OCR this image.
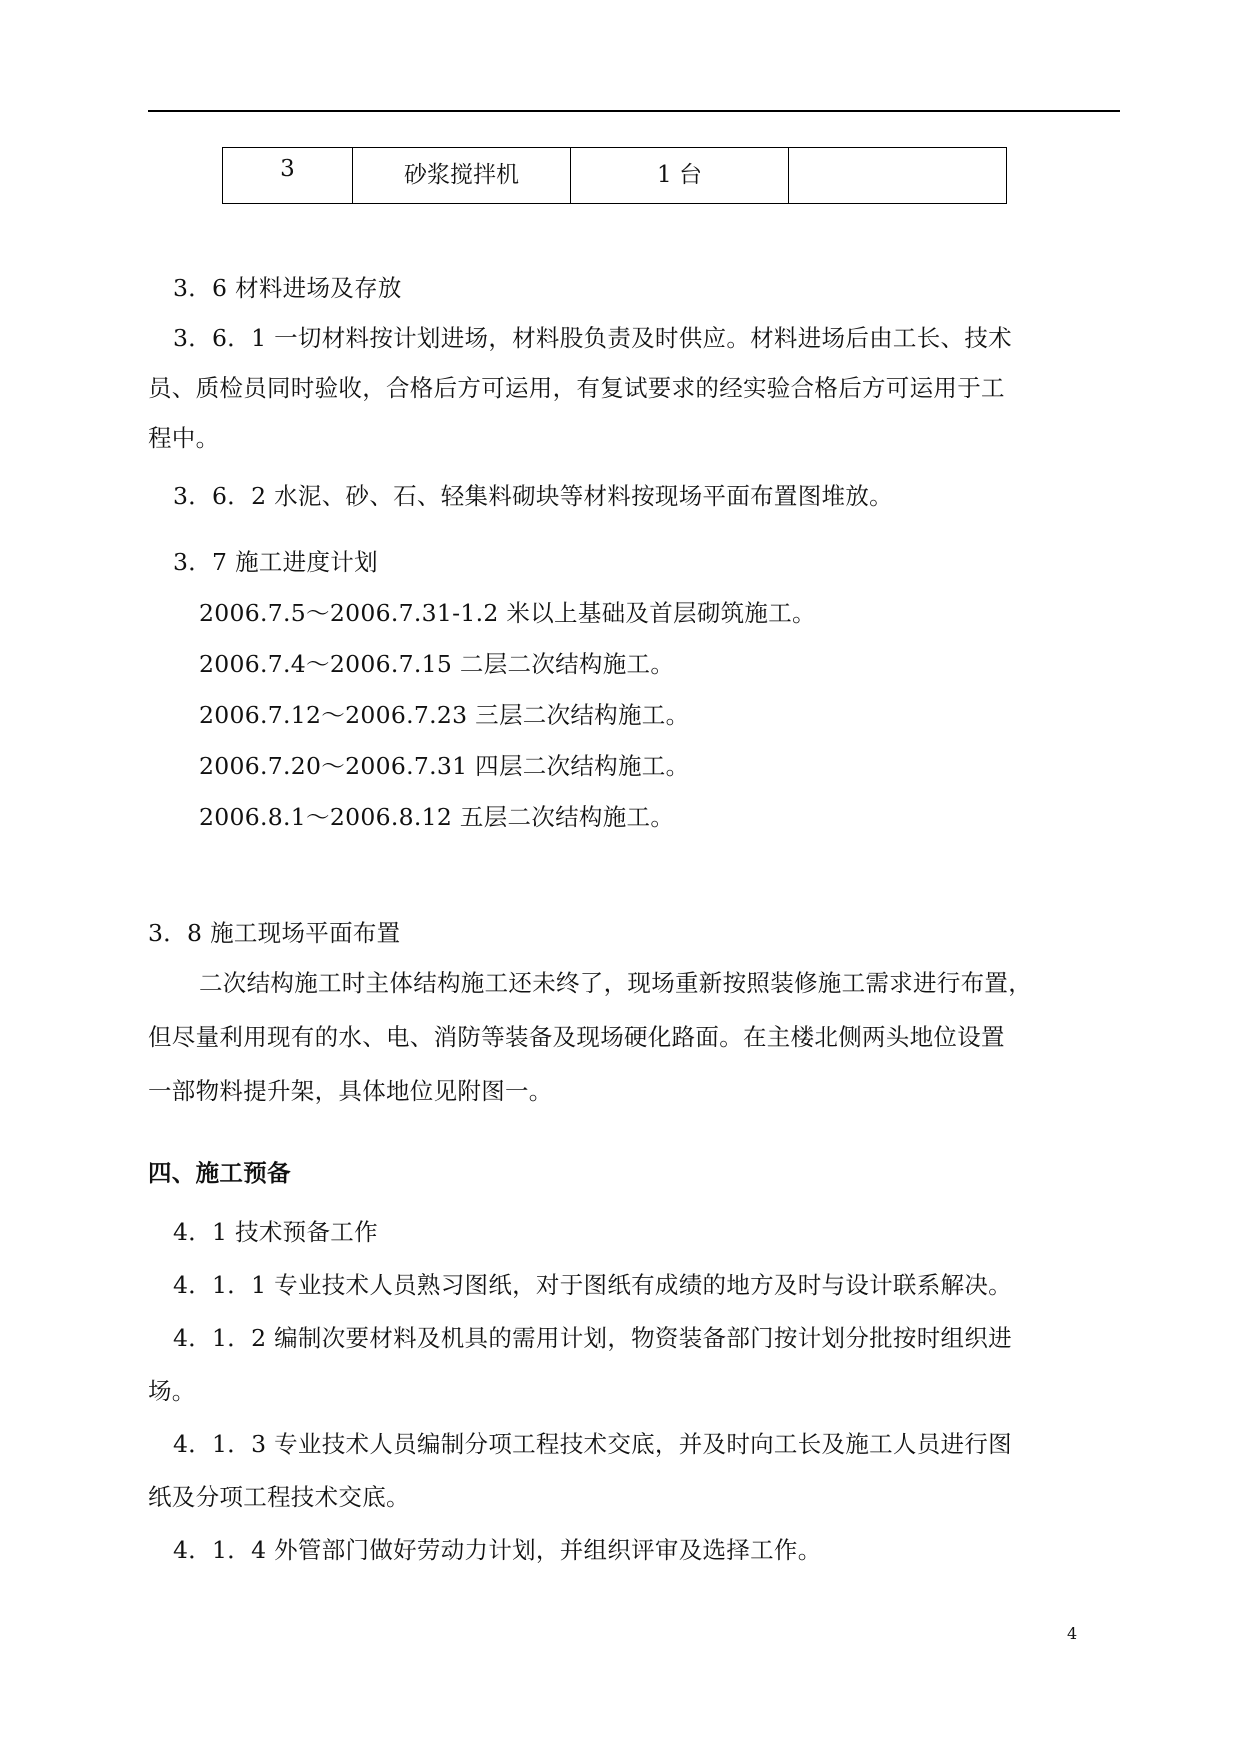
3	砂浆搅拌机	1 台	
3．6 材料进场及存放
3．6．1 一切材料按计划进场，材料股负责及时供应。材料进场后由工长、技术
员、质检员同时验收，合格后方可运用，有复试要求的经实验合格后方可运用于工
程中。
3．6．2 水泥、砂、石、轻集料砌块等材料按现场平面布置图堆放。
3．7 施工进度计划
2006.7.5～2006.7.31-1.2 米以上基础及首层砌筑施工。
2006.7.4～2006.7.15 二层二次结构施工。
2006.7.12～2006.7.23 三层二次结构施工。
2006.7.20～2006.7.31 四层二次结构施工。
2006.8.1～2006.8.12 五层二次结构施工。
3．8 施工现场平面布置
二次结构施工时主体结构施工还未终了，现场重新按照装修施工需求进行布置，
但尽量利用现有的水、电、消防等装备及现场硬化路面。在主楼北侧两头地位设置
一部物料提升架，具体地位见附图一。
四、施工预备
4．1 技术预备工作
4．1．1 专业技术人员熟习图纸，对于图纸有成绩的地方及时与设计联系解决。
4．1．2 编制次要材料及机具的需用计划，物资装备部门按计划分批按时组织进
场。
4．1．3 专业技术人员编制分项工程技术交底，并及时向工长及施工人员进行图
纸及分项工程技术交底。
4．1．4 外管部门做好劳动力计划，并组织评审及选择工作。
4
